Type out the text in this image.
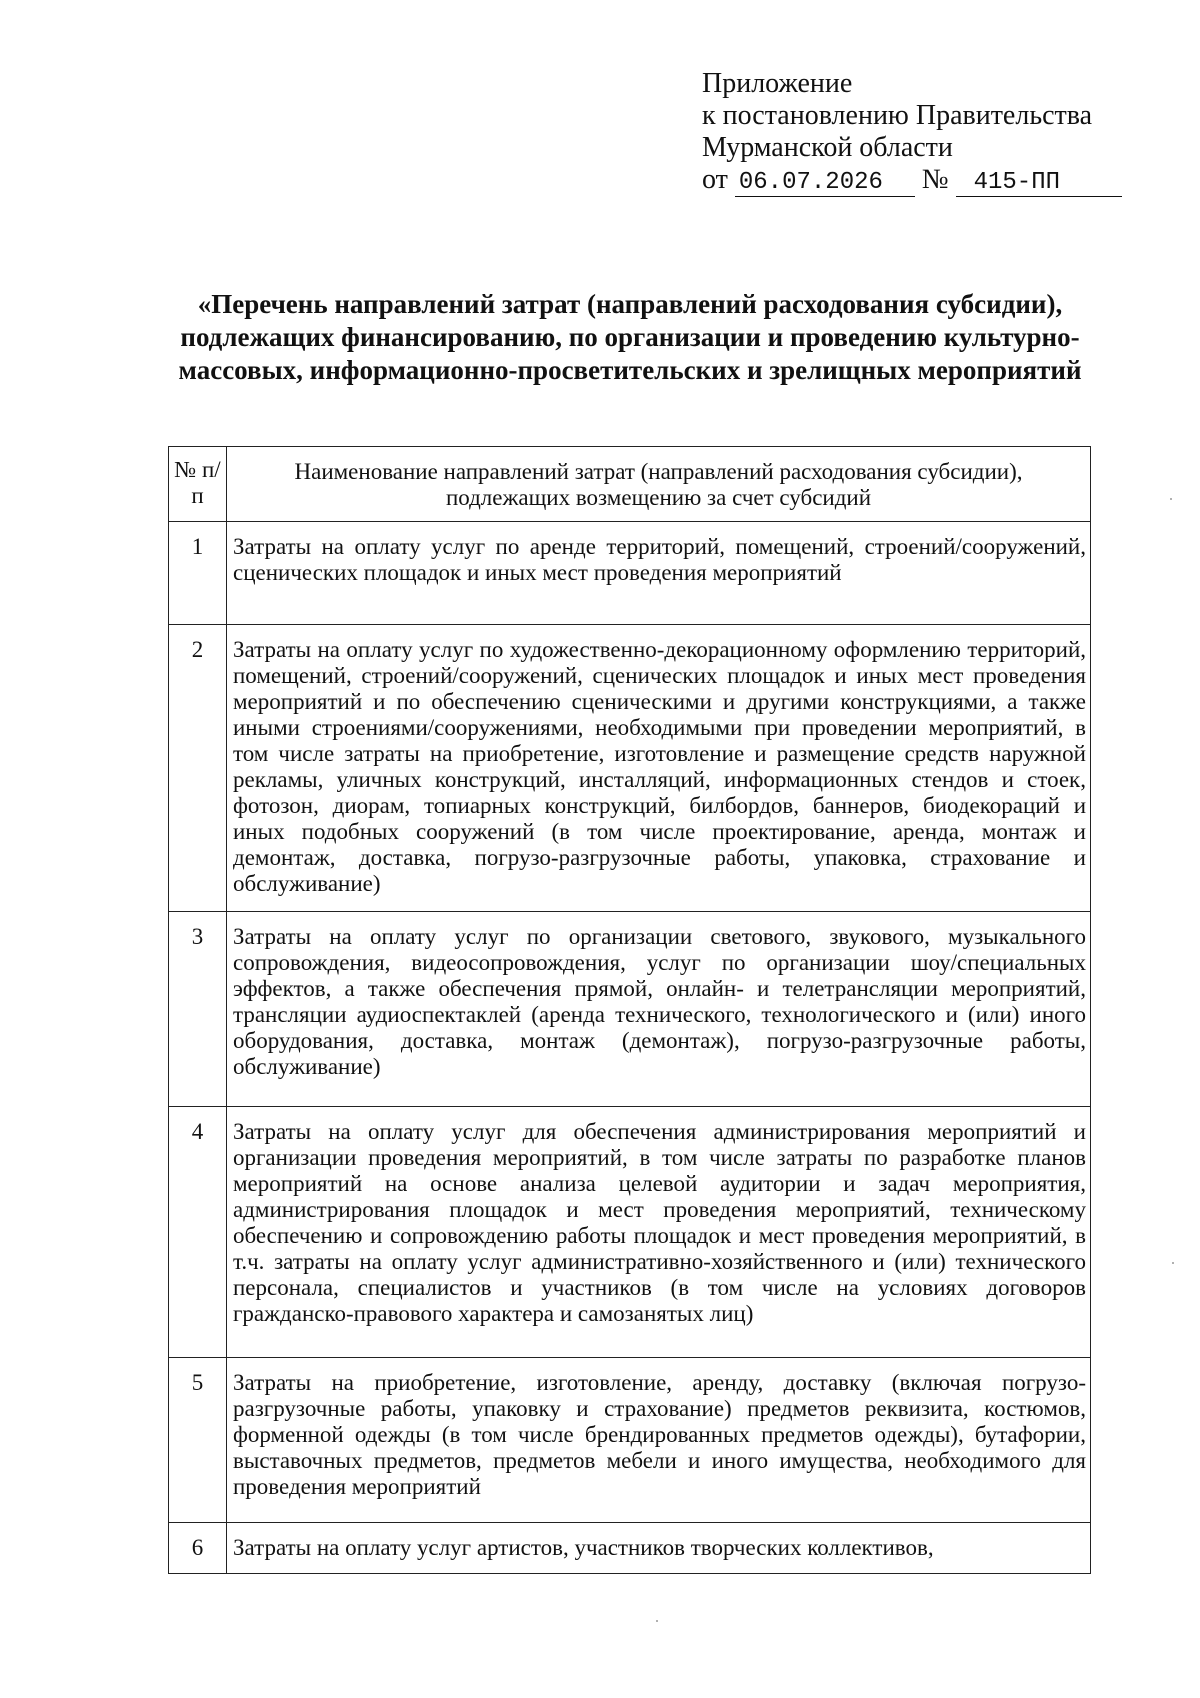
Приложение
к постановлению Правительства
Мурманской области
от 06.07.2026 № 415-ПП
«Перечень направлений затрат (направлений расходования субсидии), подлежащих финансированию, по организации и проведению культурно-массовых, информационно-просветительских и зрелищных мероприятий
№ п/п	Наименование направлений затрат (направлений расходования субсидии), подлежащих возмещению за счет субсидий
1	Затраты на оплату услуг по аренде территорий, помещений, строений/сооружений, сценических площадок и иных мест проведения мероприятий
2	Затраты на оплату услуг по художественно-декорационному оформлению территорий, помещений, строений/сооружений, сценических площадок и иных мест проведения мероприятий и по обеспечению сценическими и другими конструкциями, а также иными строениями/сооружениями, необходимыми при проведении мероприятий, в том числе затраты на приобретение, изготовление и размещение средств наружной рекламы, уличных конструкций, инсталляций, информационных стендов и стоек, фотозон, диорам, топиарных конструкций, билбордов, баннеров, биодекораций и иных подобных сооружений (в том числе проектирование, аренда, монтаж и демонтаж, доставка, погрузо-разгрузочные работы, упаковка, страхование и обслуживание)
3	Затраты на оплату услуг по организации светового, звукового, музыкального сопровождения, видеосопровождения, услуг по организации шоу/специальных эффектов, а также обеспечения прямой, онлайн- и телетрансляции мероприятий, трансляции аудиоспектаклей (аренда технического, технологического и (или) иного оборудования, доставка, монтаж (демонтаж), погрузо-разгрузочные работы, обслуживание)
4	Затраты на оплату услуг для обеспечения администрирования мероприятий и организации проведения мероприятий, в том числе затраты по разработке планов мероприятий на основе анализа целевой аудитории и задач мероприятия, администрирования площадок и мест проведения мероприятий, техническому обеспечению и сопровождению работы площадок и мест проведения мероприятий, в т.ч. затраты на оплату услуг административно-хозяйственного и (или) технического персонала, специалистов и участников (в том числе на условиях договоров гражданско-правового характера и самозанятых лиц)
5	Затраты на приобретение, изготовление, аренду, доставку (включая погрузо-разгрузочные работы, упаковку и страхование) предметов реквизита, костюмов, форменной одежды (в том числе брендированных предметов одежды), бутафории, выставочных предметов, предметов мебели и иного имущества, необходимого для проведения мероприятий
6	Затраты на оплату услуг артистов, участников творческих коллективов,
